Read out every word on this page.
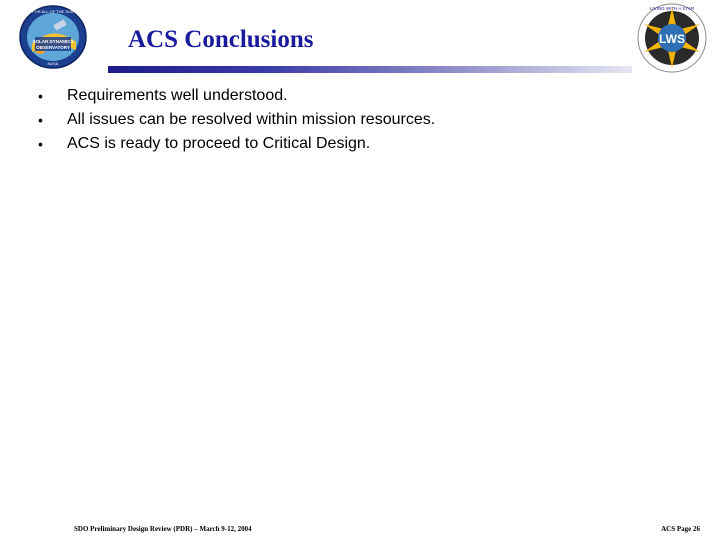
SOLAR DYNAMICS
OBSERVATORY
FOR ALL OF THE SUN
NASA
ACS Conclusions	LWS
LIVING WITH A STAR
• Requirements well understood.
• All issues can be resolved within mission resources.
• ACS is ready to proceed to Critical Design.
SDO Preliminary Design Review (PDR) – March 9-12, 2004	ACS Page 26
